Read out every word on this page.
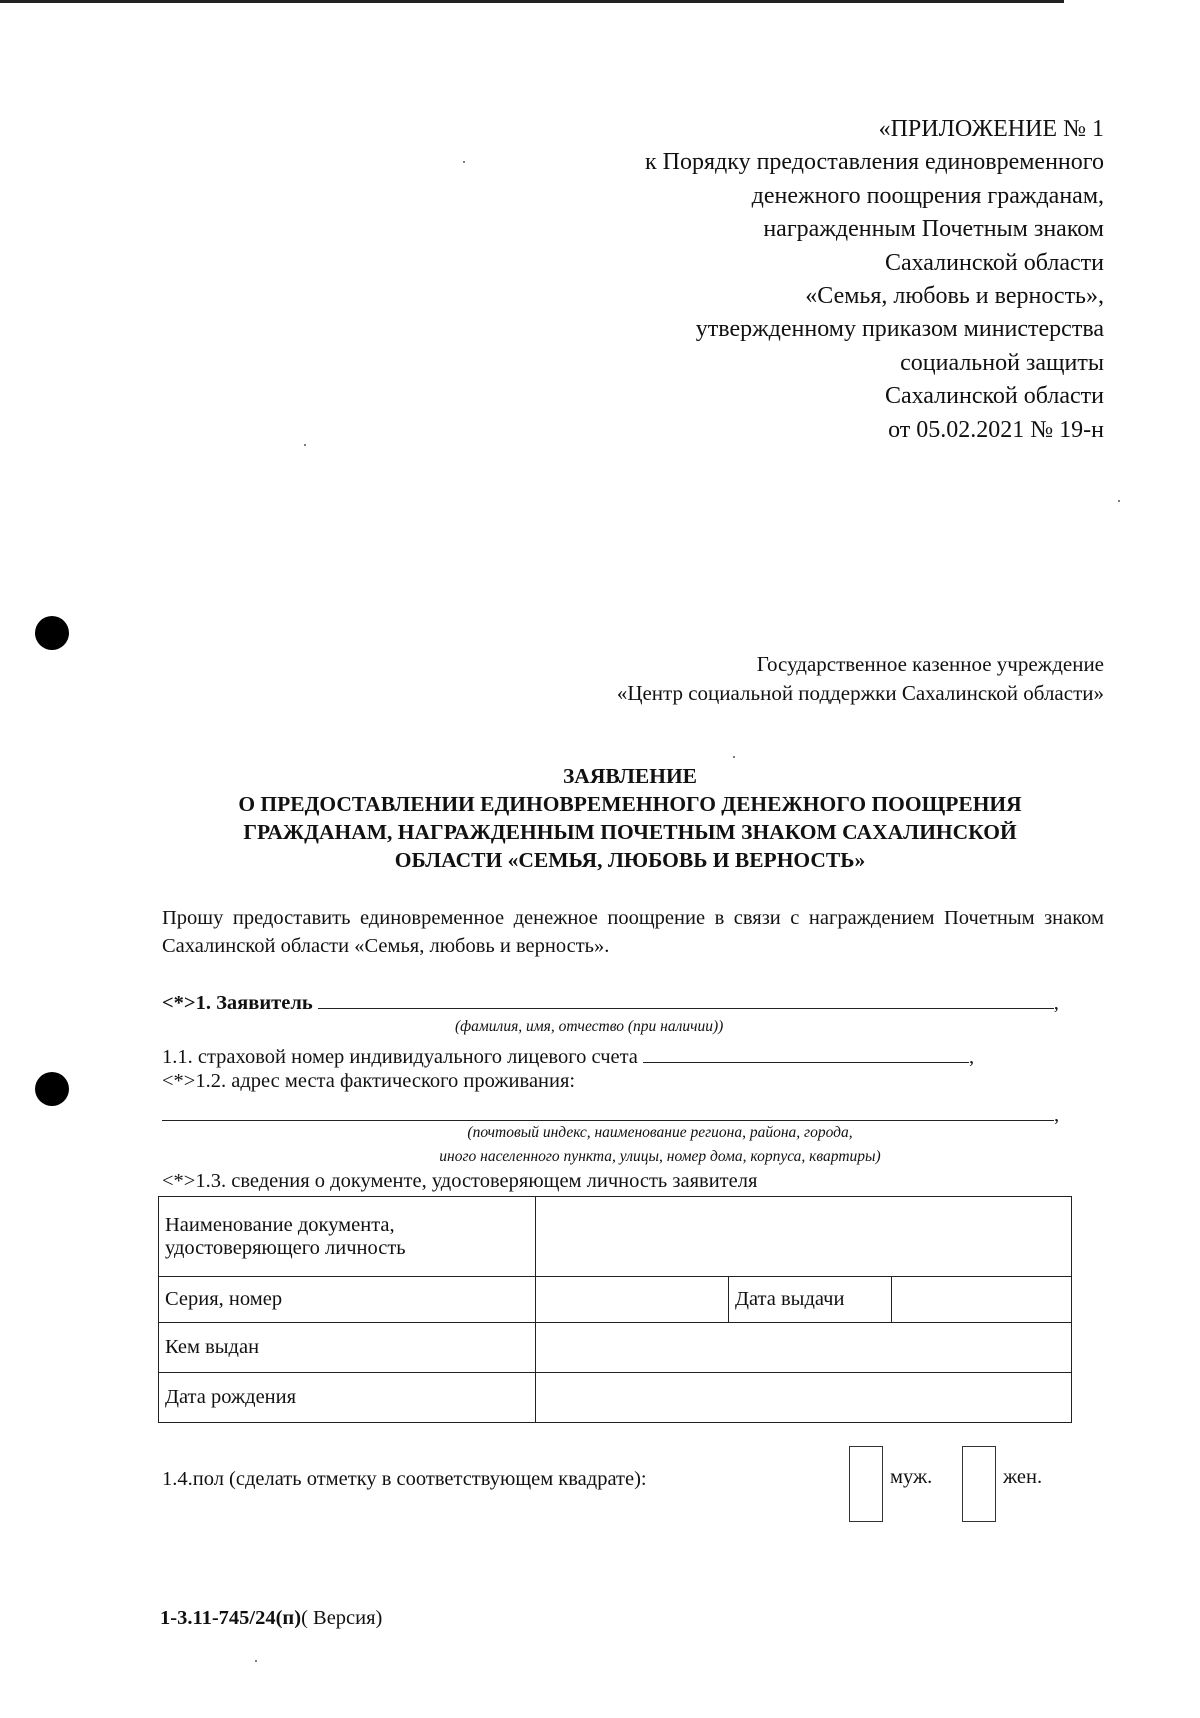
«ПРИЛОЖЕНИЕ № 1
к Порядку предоставления единовременного
денежного поощрения гражданам,
награжденным Почетным знаком
Сахалинской области
«Семья, любовь и верность»,
утвержденному приказом министерства
социальной защиты
Сахалинской области
от 05.02.2021 № 19-н
Государственное казенное учреждение
«Центр социальной поддержки Сахалинской области»
ЗАЯВЛЕНИЕ
О ПРЕДОСТАВЛЕНИИ ЕДИНОВРЕМЕННОГО ДЕНЕЖНОГО ПООЩРЕНИЯ
ГРАЖДАНАМ, НАГРАЖДЕННЫМ ПОЧЕТНЫМ ЗНАКОМ САХАЛИНСКОЙ
ОБЛАСТИ «СЕМЬЯ, ЛЮБОВЬ И ВЕРНОСТЬ»
Прошу предоставить единовременное денежное поощрение в связи с награждением Почетным знаком Сахалинской области «Семья, любовь и верность».
<*>1. Заявитель	,
(фамилия, имя, отчество (при наличии))
1.1. страховой номер индивидуального лицевого счета	,
<*>1.2. адрес места фактического проживания:
,
(почтовый индекс, наименование региона, района, города,
иного населенного пункта, улицы, номер дома, корпуса, квартиры)
<*>1.3. сведения о документе, удостоверяющем личность заявителя
Наименование документа, удостоверяющего личность			
Серия, номер		Дата выдачи	
Кем выдан			
Дата рождения			
1.4.пол (сделать отметку в соответствующем квадрате):	муж.	жен.
1-3.11-745/24(п)( Версия)
